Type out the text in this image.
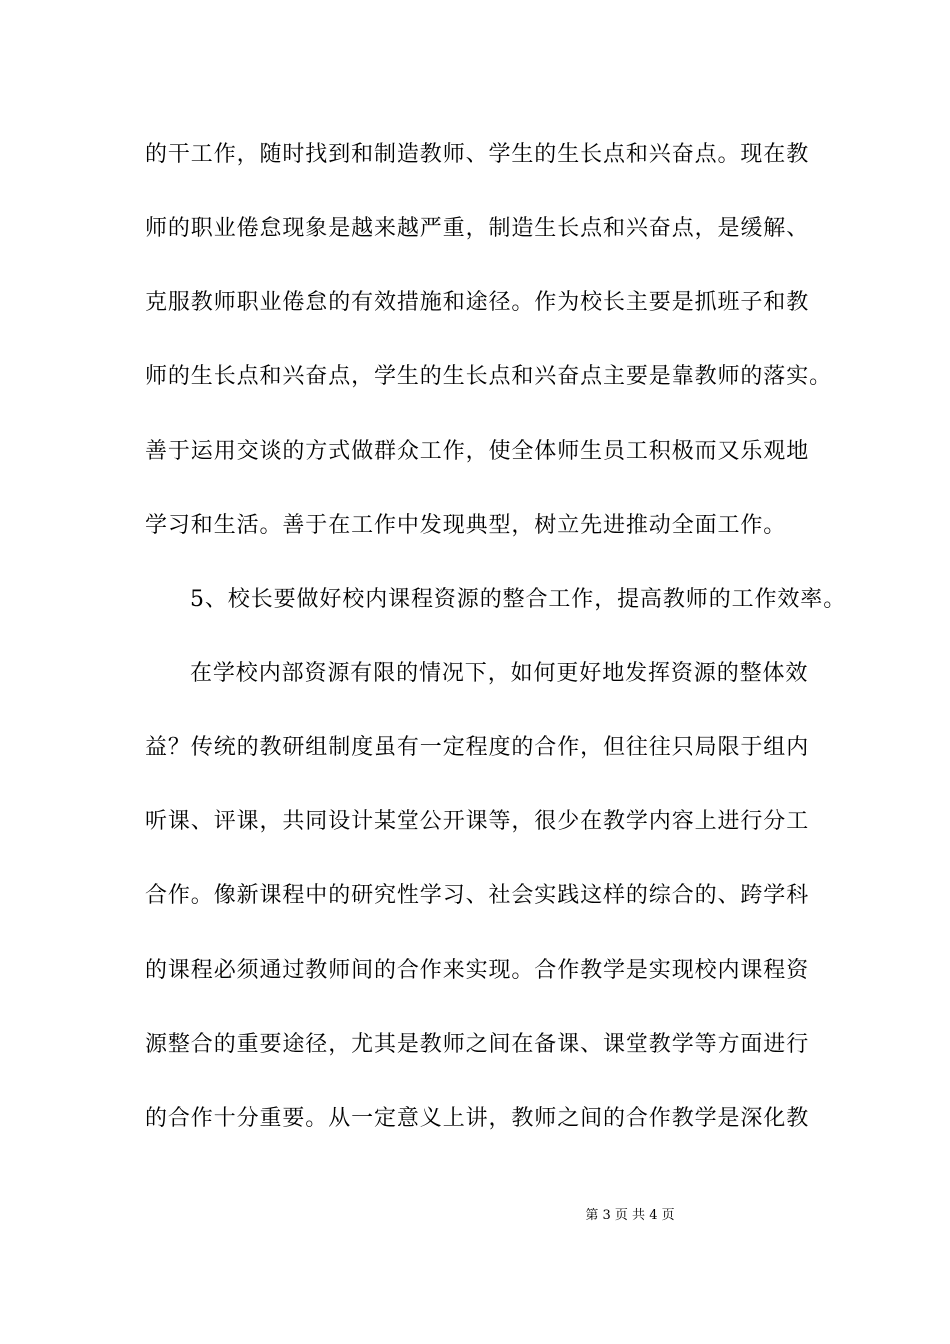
的干工作，随时找到和制造教师、学生的生长点和兴奋点。现在教
师的职业倦怠现象是越来越严重，制造生长点和兴奋点，是缓解、
克服教师职业倦怠的有效措施和途径。作为校长主要是抓班子和教
师的生长点和兴奋点，学生的生长点和兴奋点主要是靠教师的落实。
善于运用交谈的方式做群众工作，使全体师生员工积极而又乐观地
学习和生活。善于在工作中发现典型，树立先进推动全面工作。
5、校长要做好校内课程资源的整合工作，提高教师的工作效率。
在学校内部资源有限的情况下，如何更好地发挥资源的整体效
益？传统的教研组制度虽有一定程度的合作，但往往只局限于组内
听课、评课，共同设计某堂公开课等，很少在教学内容上进行分工
合作。像新课程中的研究性学习、社会实践这样的综合的、跨学科
的课程必须通过教师间的合作来实现。合作教学是实现校内课程资
源整合的重要途径，尤其是教师之间在备课、课堂教学等方面进行
的合作十分重要。从一定意义上讲，教师之间的合作教学是深化教
第 3 页 共 4 页
